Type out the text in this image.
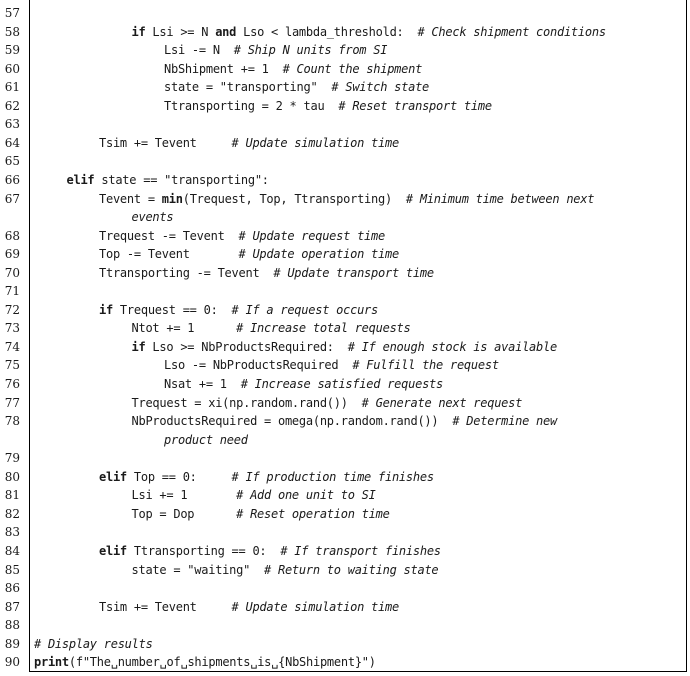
57
58	if Lsi >= N and Lso < lambda_threshold:  # Check shipment conditions
59	Lsi -= N  # Ship N units from SI
60	NbShipment += 1  # Count the shipment
61	state = "transporting"  # Switch state
62	Ttransporting = 2 * tau  # Reset transport time
63
64	Tsim += Tevent     # Update simulation time
65
66	elif state == "transporting":
67	Tevent = min(Trequest, Top, Ttransporting)  # Minimum time between next
events
68	Trequest -= Tevent  # Update request time
69	Top -= Tevent       # Update operation time
70	Ttransporting -= Tevent  # Update transport time
71
72	if Trequest == 0:  # If a request occurs
73	Ntot += 1      # Increase total requests
74	if Lso >= NbProductsRequired:  # If enough stock is available
75	Lso -= NbProductsRequired  # Fulfill the request
76	Nsat += 1  # Increase satisfied requests
77	Trequest = xi(np.random.rand())  # Generate next request
78	NbProductsRequired = omega(np.random.rand())  # Determine new
product need
79
80	elif Top == 0:     # If production time finishes
81	Lsi += 1       # Add one unit to SI
82	Top = Dop      # Reset operation time
83
84	elif Ttransporting == 0:  # If transport finishes
85	state = "waiting"  # Return to waiting state
86
87	Tsim += Tevent     # Update simulation time
88
89 # Display results
90 print(f"The␣number␣of␣shipments␣is␣{NbShipment}")
